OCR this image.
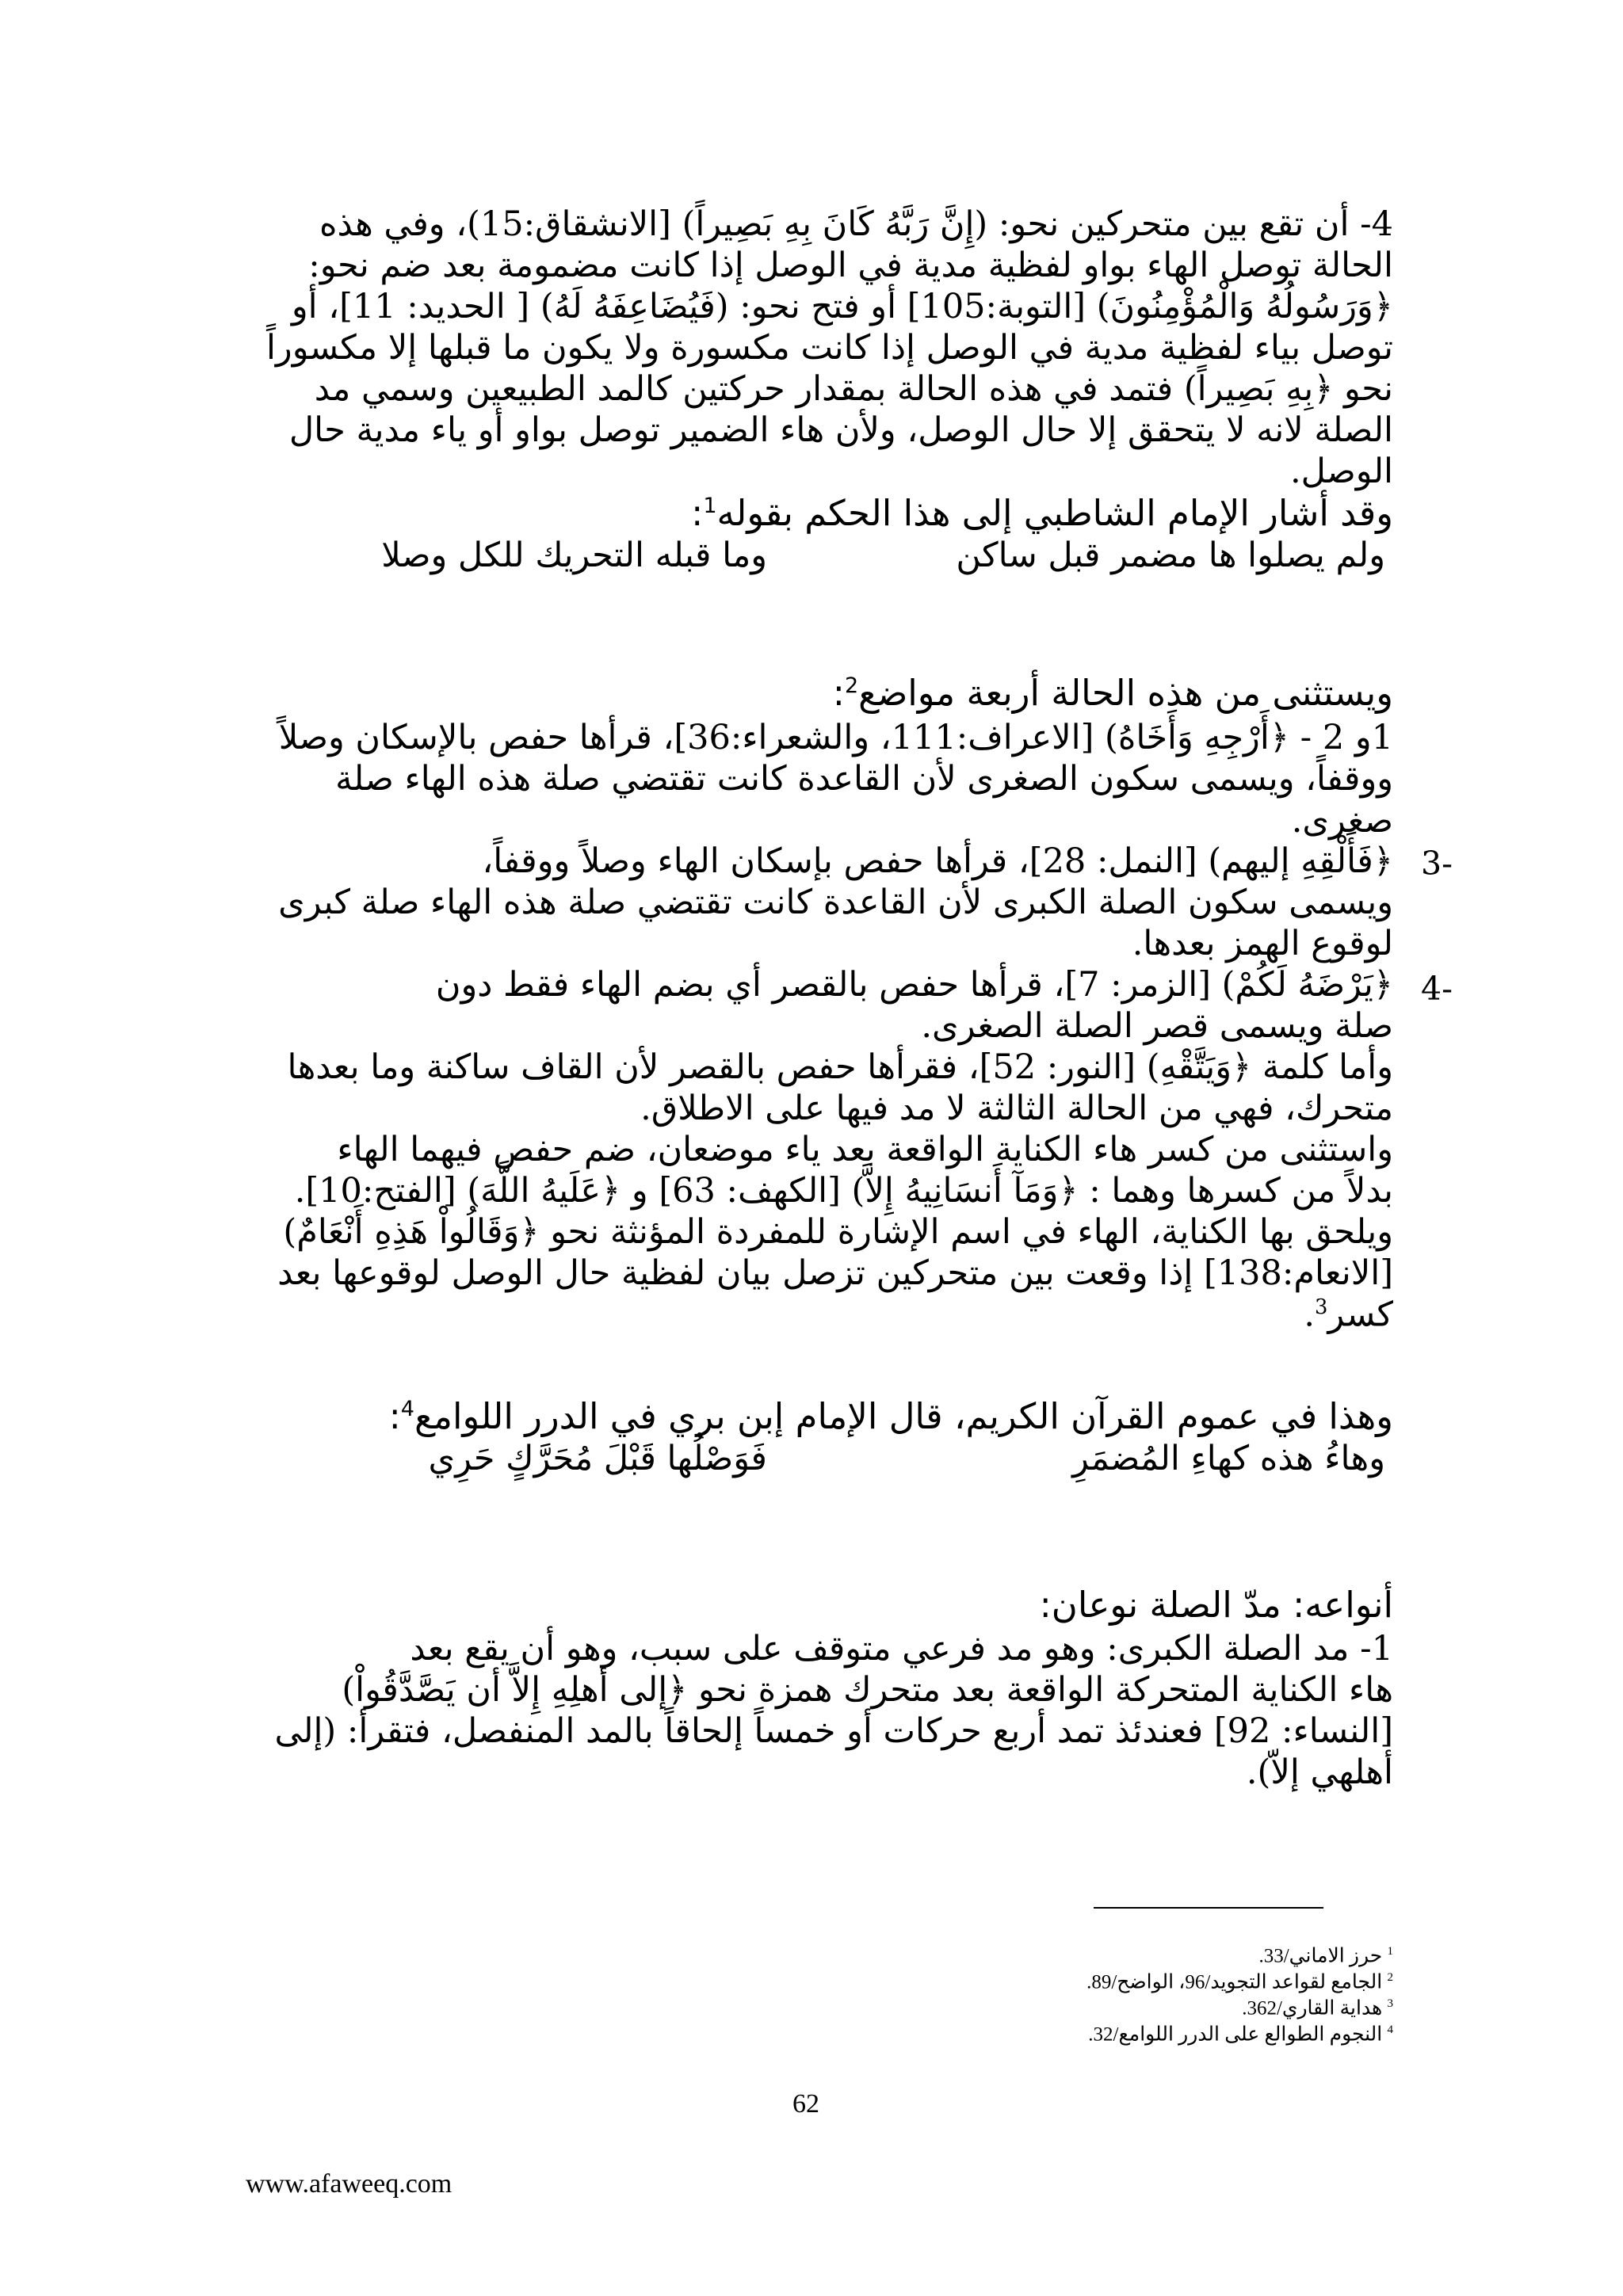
4- أن تقع بين متحركين نحو: (إِنَّ رَبَّهُ كَانَ بِهِ بَصِيراً) [الانشقاق:15)، وفي هذه
الحالة توصل الهاء بواو لفظية مدية في الوصل إذا كانت مضمومة بعد ضم نحو:
﴿وَرَسُولُهُ وَالْمُؤْمِنُونَ) [التوبة:105] أو فتح نحو: (فَيُضَاعِفَهُ لَهُ) [ الحديد: 11]، أو
توصل بياء لفظية مدية في الوصل إذا كانت مكسورة ولا يكون ما قبلها إلا مكسوراً
نحو ﴿بِهِ بَصِيراً) فتمد في هذه الحالة بمقدار حركتين كالمد الطبيعين وسمي مد
الصلة لانه لا يتحقق إلا حال الوصل، ولأن هاء الضمير توصل بواو أو ياء مدية حال
الوصل.
وقد أشار الإمام الشاطبي إلى هذا الحكم بقوله$^1$:
ولم يصلوا ها مضمر قبل ساكن
وما قبله التحريك للكل وصلا
ويستثنى من هذه الحالة أربعة مواضع$^2$:
1و 2 - ﴿أَرْجِهِ وَأَخَاهُ) [الاعراف:111، والشعراء:36]، قرأها حفص بالإسكان وصلاً
ووقفاً، ويسمى سكون الصغرى لأن القاعدة كانت تقتضي صلة هذه الهاء صلة
صغرى.
3-
﴿فَأَلْقِهِ إليهم) [النمل: 28]، قرأها حفص بإسكان الهاء وصلاً ووقفاً،
ويسمى سكون الصلة الكبرى لأن القاعدة كانت تقتضي صلة هذه الهاء صلة كبرى
لوقوع الهمز بعدها.
4-
﴿يَرْضَهُ لَكُمْ) [الزمر: 7]، قرأها حفص بالقصر أي بضم الهاء فقط دون
صلة ويسمى قصر الصلة الصغرى.
وأما كلمة ﴿وَيَتَّقْهِ) [النور: 52]، فقرأها حفص بالقصر لأن القاف ساكنة وما بعدها
متحرك، فهي من الحالة الثالثة لا مد فيها على الاطلاق.
واستثنى من كسر هاء الكناية الواقعة بعد ياء موضعان، ضم حفص فيهما الهاء
بدلاً من كسرها وهما : ﴿وَمَآ أَنسَانِيهُ إِلاَّ) [الكهف: 63] و ﴿عَلَيهُ اللَّهَ) [الفتح:10].
ويلحق بها الكناية، الهاء في اسم الإشارة للمفردة المؤنثة نحو ﴿وَقَالُواْ هَذِهِ أَنْعَامٌ)
[الانعام:138] إذا وقعت بين متحركين تزصل بيان لفظية حال الوصل لوقوعها بعد
كسر$^3$.
وهذا في عموم القرآن الكريم، قال الإمام إبن بري في الدرر اللوامع$^4$:
وهاءُ هذه كهاءِ المُضمَرِ
فَوَصْلُها قَبْلَ مُحَرَّكٍ حَرِي
أنواعه: مدّ الصلة نوعان:
1- مد الصلة الكبرى: وهو مد فرعي متوقف على سبب، وهو أن يقع بعد
هاء الكناية المتحركة الواقعة بعد متحرك همزة نحو ﴿إلى أهلِهِ إِلاَّ أن يَصَّدَّقُواْ)
[النساء: 92] فعندئذ تمد أربع حركات أو خمساً إلحاقاً بالمد المنفصل، فتقرأ: (إلى
أهلهي إلاّ).
$^1$ حرز الاماني/33.
$^2$ الجامع لقواعد التجويد/96، الواضح/89.
$^3$ هداية القاري/362.
$^4$ النجوم الطوالع على الدرر اللوامع/32.
62
www.afaweeq.com
